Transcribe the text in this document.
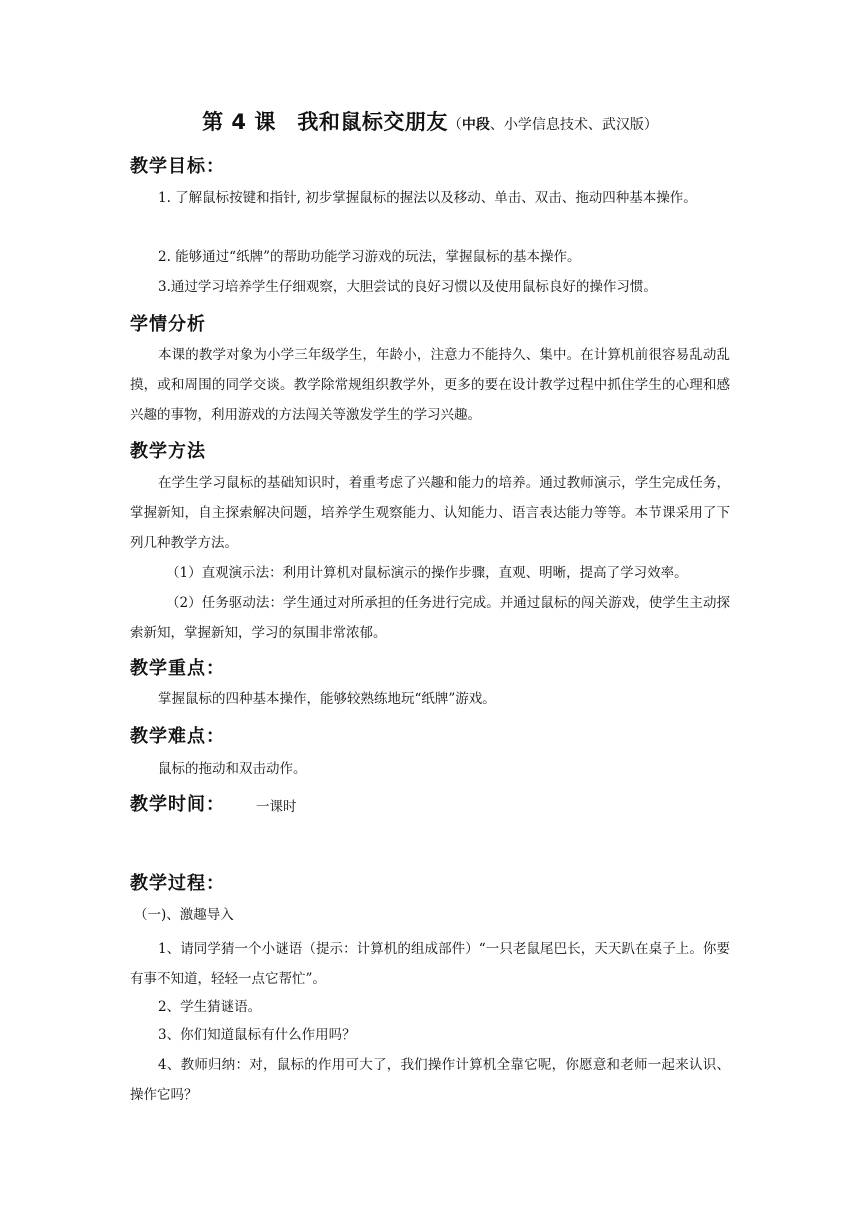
第 4 课　我和鼠标交朋友（中段、小学信息技术、武汉版）
教学目标：
1. 了解鼠标按键和指针, 初步掌握鼠标的握法以及移动、单击、双击、拖动四种基本操作。
2. 能够通过“纸牌”的帮助功能学习游戏的玩法，掌握鼠标的基本操作。
3.通过学习培养学生仔细观察，大胆尝试的良好习惯以及使用鼠标良好的操作习惯。
学情分析
本课的教学对象为小学三年级学生，年龄小，注意力不能持久、集中。在计算机前很容易乱动乱摸，或和周围的同学交谈。教学除常规组织教学外，更多的要在设计教学过程中抓住学生的心理和感兴趣的事物，利用游戏的方法闯关等激发学生的学习兴趣。
教学方法
在学生学习鼠标的基础知识时，着重考虑了兴趣和能力的培养。通过教师演示，学生完成任务，掌握新知，自主探索解决问题，培养学生观察能力、认知能力、语言表达能力等等。本节课采用了下列几种教学方法。
（1）直观演示法：利用计算机对鼠标演示的操作步骤，直观、明晰，提高了学习效率。
（2）任务驱动法：学生通过对所承担的任务进行完成。并通过鼠标的闯关游戏，使学生主动探索新知，掌握新知，学习的氛围非常浓郁。
教学重点：
掌握鼠标的四种基本操作，能够较熟练地玩“纸牌”游戏。
教学难点：
鼠标的拖动和双击动作。
教学时间： 一课时
教学过程：
（一)、激趣导入
1、请同学猜一个小谜语（提示：计算机的组成部件）“一只老鼠尾巴长，天天趴在桌子上。你要有事不知道，轻轻一点它帮忙”。
2、学生猜谜语。
3、你们知道鼠标有什么作用吗？
4、教师归纳：对，鼠标的作用可大了，我们操作计算机全靠它呢，你愿意和老师一起来认识、操作它吗？
